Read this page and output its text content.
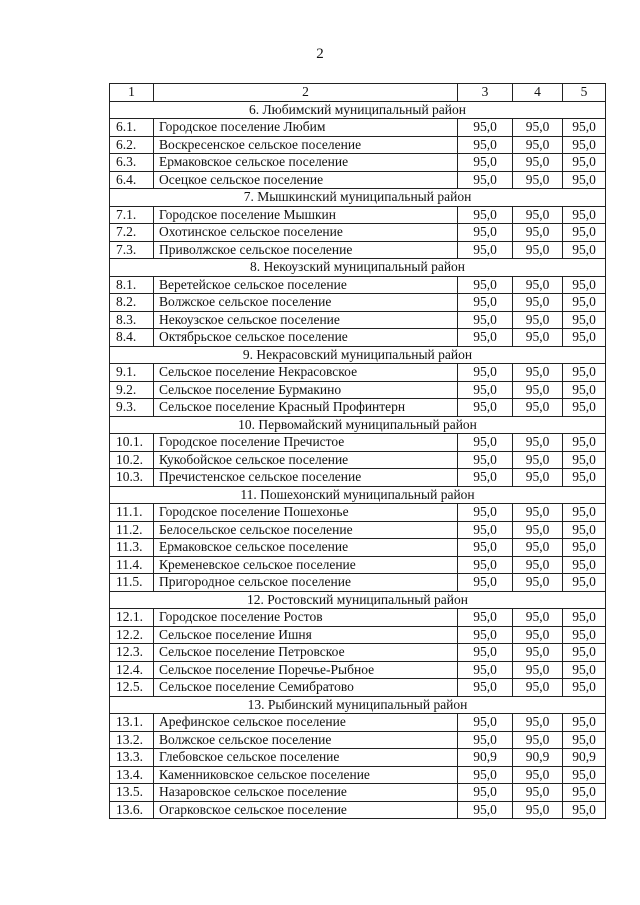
2
1	2	3	4	5
6. Любимский муниципальный район				
6.1.	Городское поселение Любим	95,0	95,0	95,0
6.2.	Воскресенское сельское поселение	95,0	95,0	95,0
6.3.	Ермаковское сельское поселение	95,0	95,0	95,0
6.4.	Осецкое сельское поселение	95,0	95,0	95,0
7. Мышкинский муниципальный район				
7.1.	Городское поселение Мышкин	95,0	95,0	95,0
7.2.	Охотинское сельское поселение	95,0	95,0	95,0
7.3.	Приволжское сельское поселение	95,0	95,0	95,0
8. Некоузский муниципальный район				
8.1.	Веретейское сельское поселение	95,0	95,0	95,0
8.2.	Волжское сельское поселение	95,0	95,0	95,0
8.3.	Некоузское сельское поселение	95,0	95,0	95,0
8.4.	Октябрьское сельское поселение	95,0	95,0	95,0
9. Некрасовский муниципальный район				
9.1.	Сельское поселение Некрасовское	95,0	95,0	95,0
9.2.	Сельское поселение Бурмакино	95,0	95,0	95,0
9.3.	Сельское поселение Красный Профинтерн	95,0	95,0	95,0
10. Первомайский муниципальный район				
10.1.	Городское поселение Пречистое	95,0	95,0	95,0
10.2.	Кукобойское сельское поселение	95,0	95,0	95,0
10.3.	Пречистенское сельское поселение	95,0	95,0	95,0
11. Пошехонский муниципальный район				
11.1.	Городское поселение Пошехонье	95,0	95,0	95,0
11.2.	Белосельское сельское поселение	95,0	95,0	95,0
11.3.	Ермаковское сельское поселение	95,0	95,0	95,0
11.4.	Кременевское сельское поселение	95,0	95,0	95,0
11.5.	Пригородное сельское поселение	95,0	95,0	95,0
12. Ростовский муниципальный район				
12.1.	Городское поселение Ростов	95,0	95,0	95,0
12.2.	Сельское поселение Ишня	95,0	95,0	95,0
12.3.	Сельское поселение Петровское	95,0	95,0	95,0
12.4.	Сельское поселение Поречье-Рыбное	95,0	95,0	95,0
12.5.	Сельское поселение Семибратово	95,0	95,0	95,0
13. Рыбинский муниципальный район				
13.1.	Арефинское сельское поселение	95,0	95,0	95,0
13.2.	Волжское сельское поселение	95,0	95,0	95,0
13.3.	Глебовское сельское поселение	90,9	90,9	90,9
13.4.	Каменниковское сельское поселение	95,0	95,0	95,0
13.5.	Назаровское сельское поселение	95,0	95,0	95,0
13.6.	Огарковское сельское поселение	95,0	95,0	95,0
